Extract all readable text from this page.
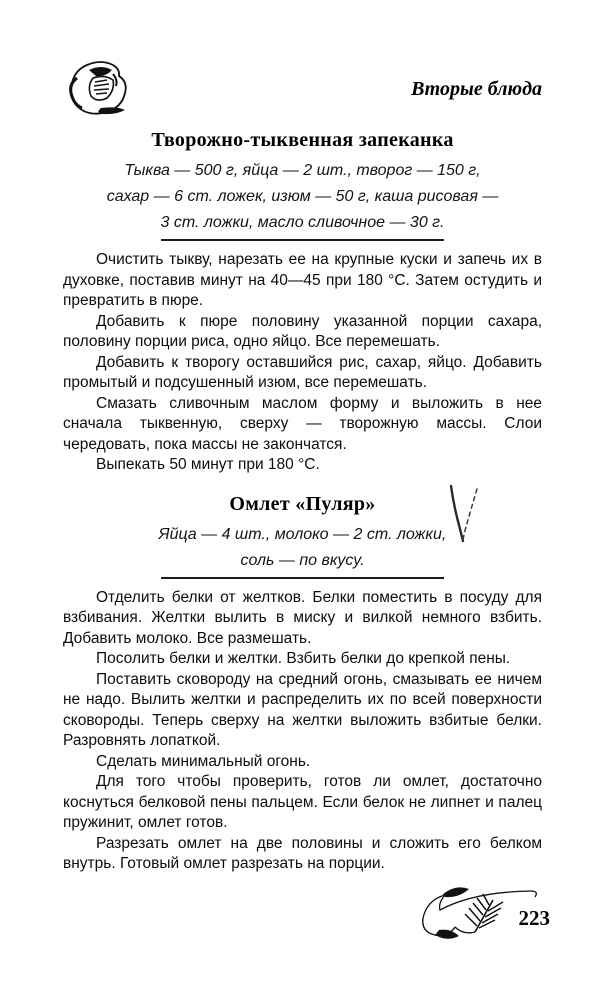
Вторые блюда
Творожно-тыквенная запеканка
Тыква — 500 г, яйца — 2 шт., творог — 150 г,
сахар — 6 ст. ложек, изюм — 50 г, каша рисовая —
3 ст. ложки, масло сливочное — 30 г.

Очистить тыкву, нарезать ее на крупные куски и запечь их в духовке, поставив минут на 40—45 при 180 °С. Затем остудить и превратить в пюре.

Добавить к пюре половину указанной порции сахара, половину порции риса, одно яйцо. Все перемешать.

Добавить к творогу оставшийся рис, сахар, яйцо. Добавить промытый и подсушенный изюм, все перемешать.

Смазать сливочным маслом форму и выложить в нее сначала тыквенную, сверху — творожную массы. Слои чередовать, пока массы не закончатся.

Выпекать 50 минут при 180 °С.

Омлет «Пуляр»
Яйца — 4 шт., молоко — 2 ст. ложки,
соль — по вкусу.

Отделить белки от желтков. Белки поместить в посуду для взбивания. Желтки вылить в миску и вилкой немного взбить. Добавить молоко. Все размешать.

Посолить белки и желтки. Взбить белки до крепкой пены.

Поставить сковороду на средний огонь, смазывать ее ничем не надо. Вылить желтки и распределить их по всей поверхности сковороды. Теперь сверху на желтки выложить взбитые белки. Разровнять лопаткой.

Сделать минимальный огонь.

Для того чтобы проверить, готов ли омлет, достаточно коснуться белковой пены пальцем. Если белок не липнет и палец пружинит, омлет готов.

Разрезать омлет на две половины и сложить его белком внутрь. Готовый омлет разрезать на порции.

223
